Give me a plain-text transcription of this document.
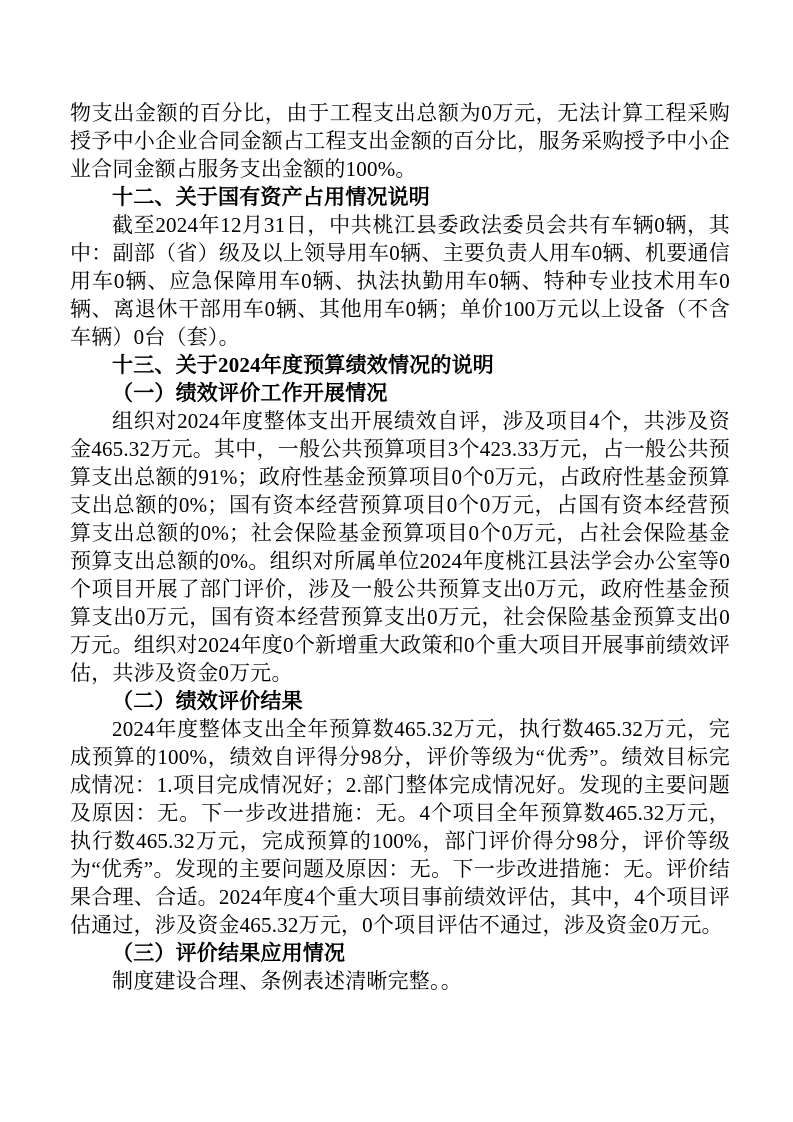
物支出金额的百分比，由于工程支出总额为0万元，无法计算工程采购授予中小企业合同金额占工程支出金额的百分比，服务采购授予中小企业合同金额占服务支出金额的100%。

十二、关于国有资产占用情况说明

截至2024年12月31日，中共桃江县委政法委员会共有车辆0辆，其中：副部（省）级及以上领导用车0辆、主要负责人用车0辆、机要通信用车0辆、应急保障用车0辆、执法执勤用车0辆、特种专业技术用车0辆、离退休干部用车0辆、其他用车0辆；单价100万元以上设备（不含车辆）0台（套）。

十三、关于2024年度预算绩效情况的说明

（一）绩效评价工作开展情况

组织对2024年度整体支出开展绩效自评，涉及项目4个，共涉及资金465.32万元。其中，一般公共预算项目3个423.33万元，占一般公共预算支出总额的91%；政府性基金预算项目0个0万元，占政府性基金预算支出总额的0%；国有资本经营预算项目0个0万元，占国有资本经营预算支出总额的0%；社会保险基金预算项目0个0万元，占社会保险基金预算支出总额的0%。组织对所属单位2024年度桃江县法学会办公室等0个项目开展了部门评价，涉及一般公共预算支出0万元，政府性基金预算支出0万元，国有资本经营预算支出0万元，社会保险基金预算支出0万元。组织对2024年度0个新增重大政策和0个重大项目开展事前绩效评估，共涉及资金0万元。

（二）绩效评价结果

2024年度整体支出全年预算数465.32万元，执行数465.32万元，完成预算的100%，绩效自评得分98分，评价等级为“优秀”。绩效目标完成情况：1.项目完成情况好；2.部门整体完成情况好。发现的主要问题及原因：无。下一步改进措施：无。4个项目全年预算数465.32万元，执行数465.32万元，完成预算的100%，部门评价得分98分，评价等级为“优秀”。发现的主要问题及原因：无。下一步改进措施：无。评价结果合理、合适。2024年度4个重大项目事前绩效评估，其中，4个项目评估通过，涉及资金465.32万元，0个项目评估不通过，涉及资金0万元。

（三）评价结果应用情况

制度建设合理、条例表述清晰完整。。
